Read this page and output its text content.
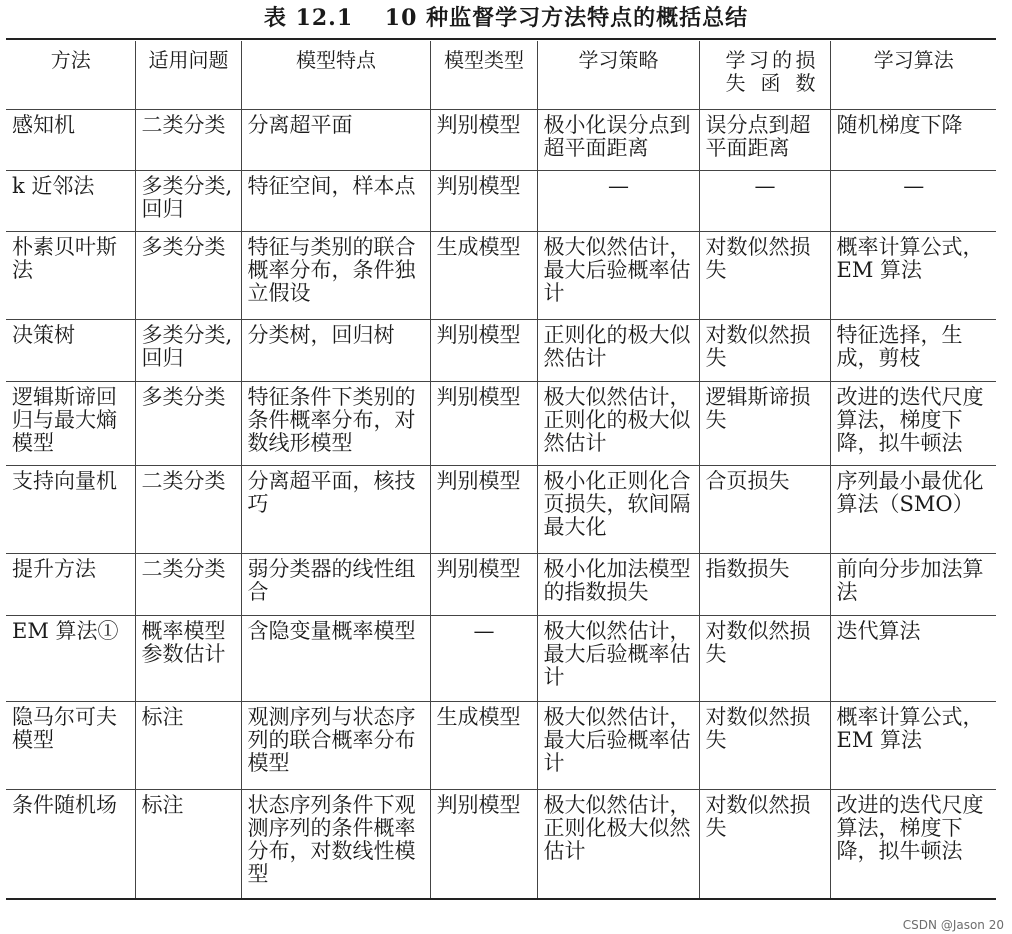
表 12.1　 10 种监督学习方法特点的概括总结
方法	适用问题	模型特点	模型类型	学习策略	学习的损失函数	学习算法
感知机	二类分类	分离超平面	判别模型	极小化误分点到超平面距离	误分点到超平面距离	随机梯度下降
k 近邻法	多类分类,回归	特征空间，样本点	判别模型	—	—	—
朴素贝叶斯法	多类分类	特征与类别的联合概率分布，条件独立假设	生成模型	极大似然估计，最大后验概率估计	对数似然损失	概率计算公式，EM 算法
决策树	多类分类,回归	分类树，回归树	判别模型	正则化的极大似然估计	对数似然损失	特征选择，生成，剪枝
逻辑斯谛回归与最大熵模型	多类分类	特征条件下类别的条件概率分布，对数线形模型	判别模型	极大似然估计，正则化的极大似然估计	逻辑斯谛损失	改进的迭代尺度算法，梯度下降，拟牛顿法
支持向量机	二类分类	分离超平面，核技巧	判别模型	极小化正则化合页损失，软间隔最大化	合页损失	序列最小最优化算法（SMO）
提升方法	二类分类	弱分类器的线性组合	判别模型	极小化加法模型的指数损失	指数损失	前向分步加法算法
EM 算法①	概率模型参数估计	含隐变量概率模型	—	极大似然估计，最大后验概率估计	对数似然损失	迭代算法
隐马尔可夫模型	标注	观测序列与状态序列的联合概率分布模型	生成模型	极大似然估计，最大后验概率估计	对数似然损失	概率计算公式，EM 算法
条件随机场	标注	状态序列条件下观测序列的条件概率分布，对数线性模型	判别模型	极大似然估计，正则化极大似然估计	对数似然损失	改进的迭代尺度算法，梯度下降，拟牛顿法
CSDN @Jason 20
